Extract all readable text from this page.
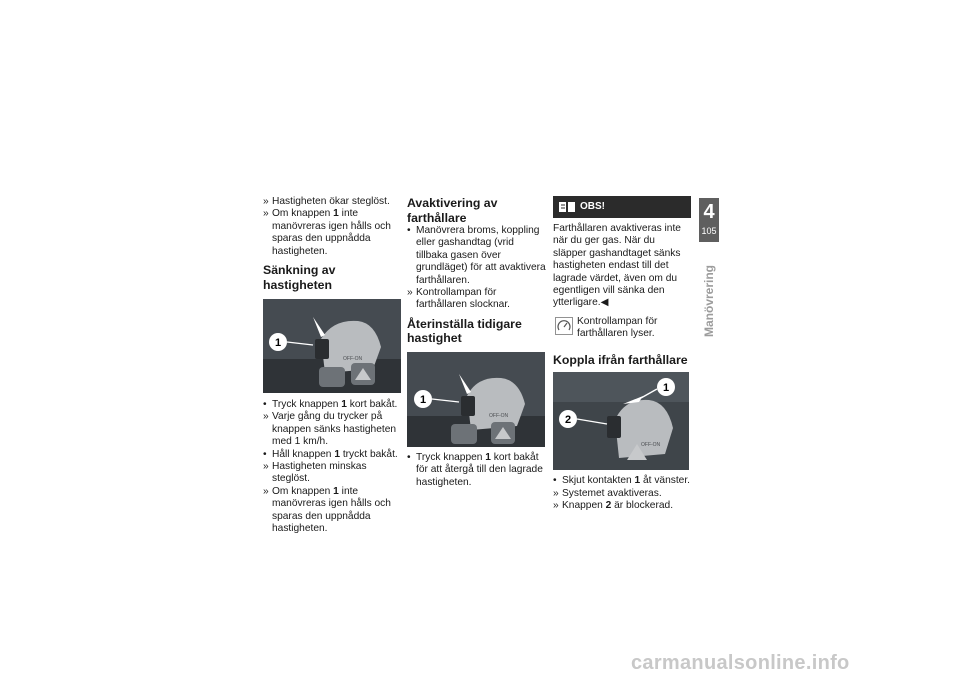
» Hastigheten ökar steglöst.

» Om knappen 1 inte manövreras igen hålls och sparas den uppnådda hastigheten.

Sänkning av hastigheten

1
OFF-ON

• Tryck knappen 1 kort bakåt.

» Varje gång du trycker på knappen sänks hastigheten med 1 km/h.

• Håll knappen 1 tryckt bakåt.

» Hastigheten minskas steglöst.

» Om knappen 1 inte manövreras igen hålls och sparas den uppnådda hastigheten.

Avaktivering av farthållare

• Manövrera broms, koppling eller gashandtag (vrid tillbaka gasen över grundläget) för att avaktivera farthållaren.

» Kontrollampan för farthållaren slocknar.

Återinställa tidigare hastighet

1
OFF-ON

• Tryck knappen 1 kort bakåt för att återgå till den lagrade hastigheten.

OBS!

Farthållaren avaktiveras inte när du ger gas. När du släpper gashandtaget sänks hastigheten endast till det lagrade värdet, även om du egentligen vill sänka den ytterligare.◀

Kontrollampan för farthållaren lyser.

Koppla ifrån farthållare

1
2
OFF-ON

• Skjut kontakten 1 åt vänster.

» Systemet avaktiveras.

» Knappen 2 är blockerad.

4
105
Manövrering
carmanualsonline.info
